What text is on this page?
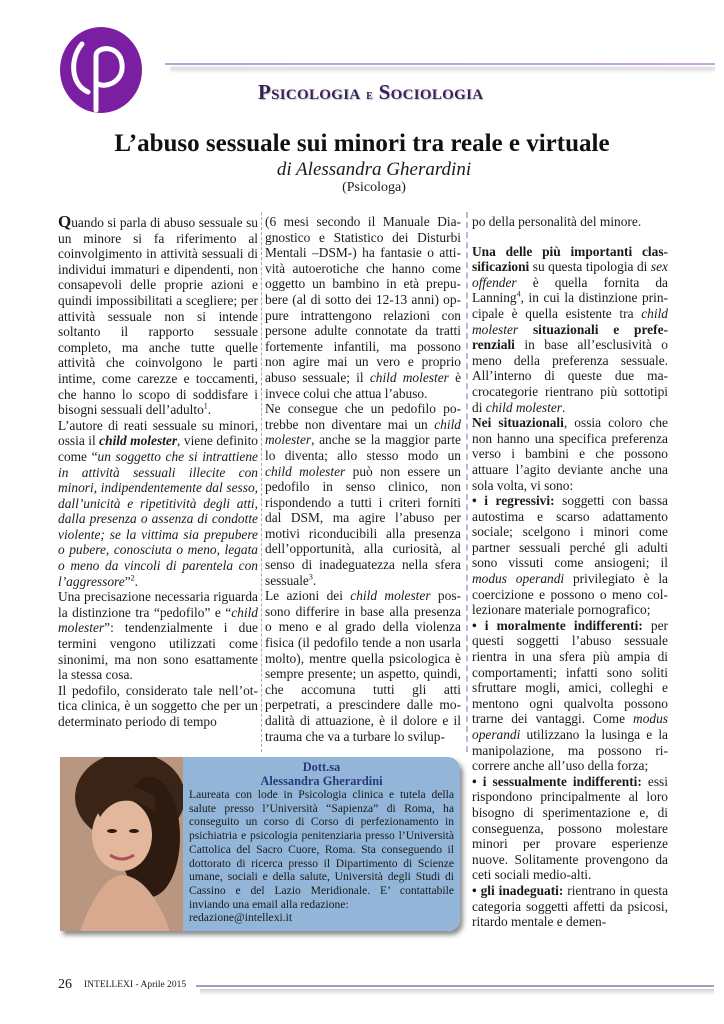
Psicologia e Sociologia
L’abuso sessuale sui minori tra reale e virtuale
di Alessandra Gherardini
(Psicologa)

Quando si parla di abuso sessuale su un minore si fa riferimento al coinvolgimento in attività sessuali di individui immaturi e dipendenti, non consapevoli delle proprie azioni e quindi impossibilitati a scegliere; per attività sessuale non si intende soltanto il rapporto sessuale completo, ma anche tutte quelle attività che coinvolgono le parti intime, come carezze e toccamenti, che hanno lo scopo di soddisfare i bisogni sessuali dell’adulto$^1$.

L’autore di reati sessuale su minori, ossia il child molester, viene definito come “un soggetto che si intrattiene in attività sessuali illecite con minori, indipendentemente dal sesso, dall’unicità e ripetitività degli atti, dalla presenza o assenza di condotte violente; se la vittima sia prepubere o pubere, conosciuta o meno, legata o meno da vincoli di parentela con l’aggressore”$^2$.

Una precisazione necessaria riguarda la distinzione tra “pedofilo” e “child molester”: tendenzialmente i due termini vengono utilizzati come sinonimi, ma non sono esattamente la stessa cosa.

Il pedofilo, considerato tale nell’ottica clinica, è un soggetto che per un determinato periodo di tempo

(6 mesi secondo il Manuale Diagnostico e Statistico dei Disturbi Mentali –DSM-) ha fantasie o attività autoerotiche che hanno come oggetto un bambino in età prepubere (al di sotto dei 12-13 anni) oppure intrattengono relazioni con persone adulte connotate da tratti fortemente infantili, ma possono non agire mai un vero e proprio abuso sessuale; il child molester è invece colui che attua l’abuso.

Ne consegue che un pedofilo potrebbe non diventare mai un child molester, anche se la maggior parte lo diventa; allo stesso modo un child molester può non essere un pedofilo in senso clinico, non rispondendo a tutti i criteri forniti dal DSM, ma agire l’abuso per motivi riconducibili alla presenza dell’opportunità, alla curiosità, al senso di inadeguatezza nella sfera sessuale$^3$.

Le azioni dei child molester possono differire in base alla presenza o meno e al grado della violenza fisica (il pedofilo tende a non usarla molto), mentre quella psicologica è sempre presente; un aspetto, quindi, che accomuna tutti gli atti perpetrati, a prescindere dalle modalità di attuazione, è il dolore e il trauma che va a turbare lo svilup-

po della personalità del minore.

Una delle più importanti classificazioni su questa tipologia di sex offender è quella fornita da Lanning$^4$, in cui la distinzione principale è quella esistente tra child molester situazionali e preferenziali in base all’esclusività o meno della preferenza sessuale. All’interno di queste due macrocategorie rientrano più sottotipi di child molester.

Nei situazionali, ossia coloro che non hanno una specifica preferenza verso i bambini e che possono attuare l’agito deviante anche una sola volta, vi sono:

• i regressivi: soggetti con bassa autostima e scarso adattamento sociale; scelgono i minori come partner sessuali perché gli adulti sono vissuti come ansiogeni; il modus operandi privilegiato è la coercizione e possono o meno collezionare materiale pornografico;

• i moralmente indifferenti: per questi soggetti l’abuso sessuale rientra in una sfera più ampia di comportamenti; infatti sono soliti sfruttare mogli, amici, colleghi e mentono ogni qualvolta possono trarne dei vantaggi. Come modus operandi utilizzano la lusinga e la manipolazione, ma possono ricorrere anche all’uso della forza;

• i sessualmente indifferenti: essi rispondono principalmente al loro bisogno di sperimentazione e, di conseguenza, possono molestare minori per provare esperienze nuove. Solitamente provengono da ceti sociali medio-alti.

• gli inadeguati: rientrano in questa categoria soggetti affetti da psicosi, ritardo mentale e demen-

Dott.sa
Alessandra Gherardini
Laureata con lode in Psicologia clinica e tutela della salute presso l’Università “Sapienza” di Roma, ha conseguito un corso di Corso di perfezionamento in psichiatria e psicologia penitenziaria presso l’Università Cattolica del Sacro Cuore, Roma. Sta conseguendo il dottorato di ricerca presso il Dipartimento di Scienze umane, sociali e della salute, Università degli Studi di Cassino e del Lazio Meridionale. E’ contattabile inviando una email alla redazione:
redazione@intellexi.it
26 INTELLEXI - Aprile 2015
